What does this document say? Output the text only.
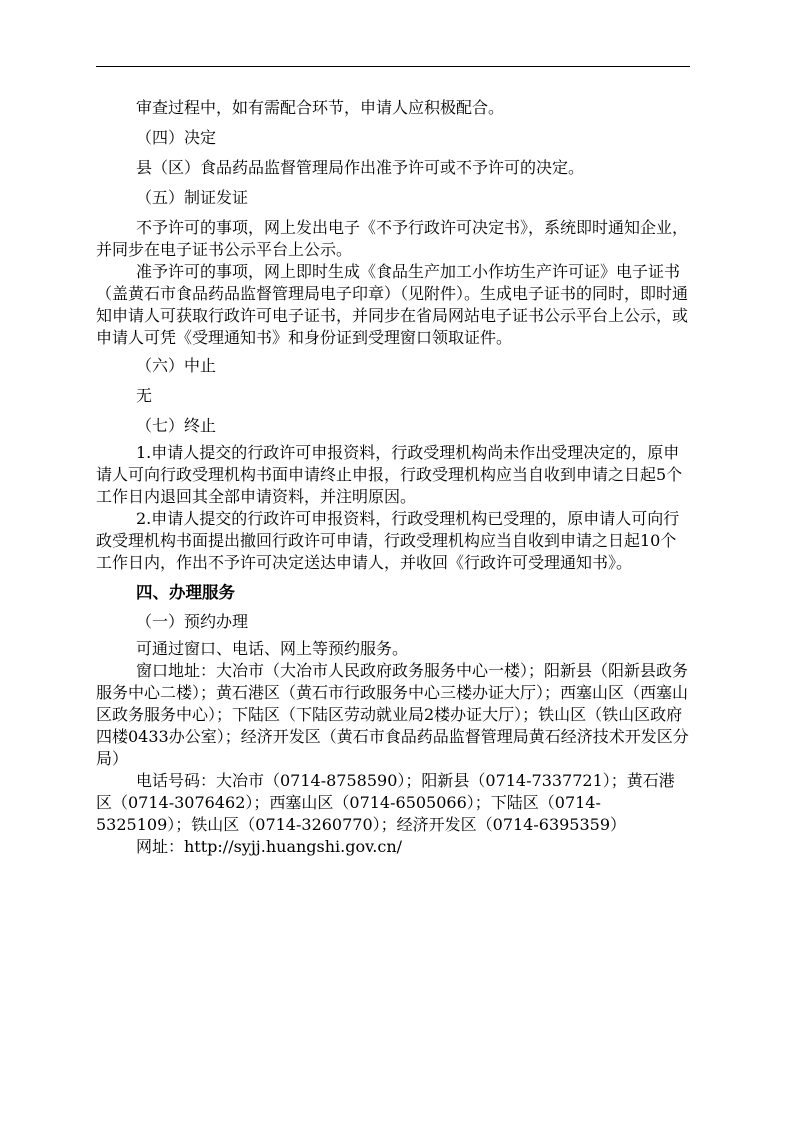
审查过程中，如有需配合环节，申请人应积极配合。

（四）决定

县（区）食品药品监督管理局作出准予许可或不予许可的决定。

（五）制证发证

不予许可的事项，网上发出电子《不予行政许可决定书》，系统即时通知企业，并同步在电子证书公示平台上公示。

准予许可的事项，网上即时生成《食品生产加工小作坊生产许可证》电子证书（盖黄石市食品药品监督管理局电子印章）（见附件）。生成电子证书的同时，即时通知申请人可获取行政许可电子证书，并同步在省局网站电子证书公示平台上公示，或申请人可凭《受理通知书》和身份证到受理窗口领取证件。

（六）中止

无

（七）终止

1.申请人提交的行政许可申报资料，行政受理机构尚未作出受理决定的，原申请人可向行政受理机构书面申请终止申报，行政受理机构应当自收到申请之日起5个工作日内退回其全部申请资料，并注明原因。

2.申请人提交的行政许可申报资料，行政受理机构已受理的，原申请人可向行政受理机构书面提出撤回行政许可申请，行政受理机构应当自收到申请之日起10个工作日内，作出不予许可决定送达申请人，并收回《行政许可受理通知书》。

四、办理服务

（一）预约办理

可通过窗口、电话、网上等预约服务。

窗口地址：大冶市（大冶市人民政府政务服务中心一楼）；阳新县（阳新县政务服务中心二楼）；黄石港区（黄石市行政服务中心三楼办证大厅）；西塞山区（西塞山区政务服务中心）；下陆区（下陆区劳动就业局2楼办证大厅）；铁山区（铁山区政府四楼0433办公室）；经济开发区（黄石市食品药品监督管理局黄石经济技术开发区分局）

电话号码：大冶市（0714-8758590）；阳新县（0714-7337721）；黄石港区（0714-3076462）；西塞山区（0714-6505066）；下陆区（0714-5325109）；铁山区（0714-3260770）；经济开发区（0714-6395359）

网址：http://syjj.huangshi.gov.cn/
